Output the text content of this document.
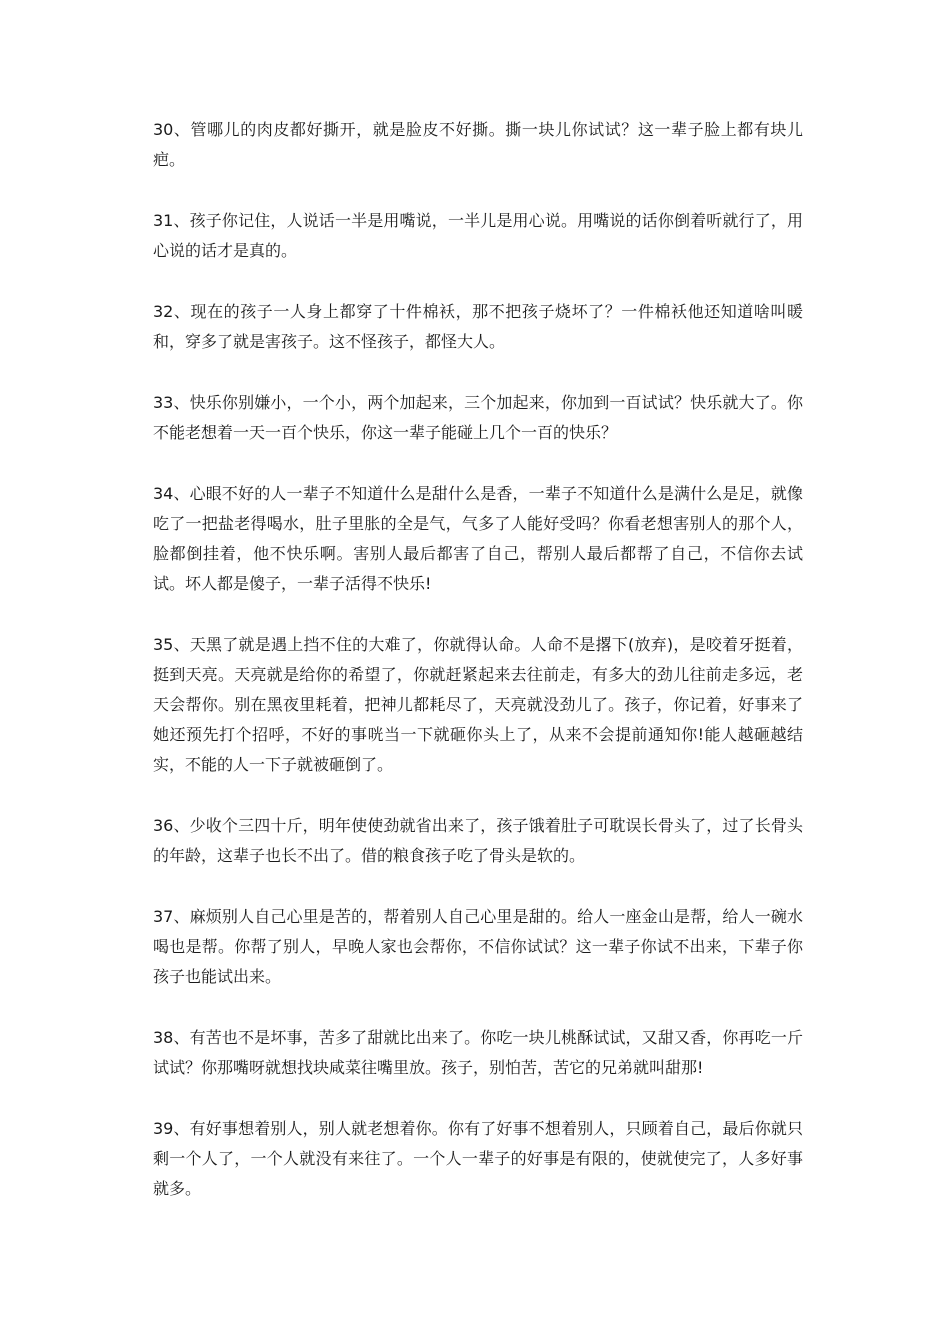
30、管哪儿的肉皮都好撕开，就是脸皮不好撕。撕一块儿你试试？这一辈子脸上都有块儿疤。

31、孩子你记住，人说话一半是用嘴说，一半儿是用心说。用嘴说的话你倒着听就行了，用心说的话才是真的。

32、现在的孩子一人身上都穿了十件棉袄，那不把孩子烧坏了？一件棉袄他还知道啥叫暖和，穿多了就是害孩子。这不怪孩子，都怪大人。

33、快乐你别嫌小，一个小，两个加起来，三个加起来，你加到一百试试？快乐就大了。你不能老想着一天一百个快乐，你这一辈子能碰上几个一百的快乐？

34、心眼不好的人一辈子不知道什么是甜什么是香，一辈子不知道什么是满什么是足，就像吃了一把盐老得喝水，肚子里胀的全是气，气多了人能好受吗？你看老想害别人的那个人，脸都倒挂着，他不快乐啊。害别人最后都害了自己，帮别人最后都帮了自己，不信你去试试。坏人都是傻子，一辈子活得不快乐!

35、天黑了就是遇上挡不住的大难了，你就得认命。人命不是撂下(放弃)，是咬着牙挺着，挺到天亮。天亮就是给你的希望了，你就赶紧起来去往前走，有多大的劲儿往前走多远，老天会帮你。别在黑夜里耗着，把神儿都耗尽了，天亮就没劲儿了。孩子，你记着，好事来了她还预先打个招呼，不好的事咣当一下就砸你头上了，从来不会提前通知你!能人越砸越结实，不能的人一下子就被砸倒了。

36、少收个三四十斤，明年使使劲就省出来了，孩子饿着肚子可耽误长骨头了，过了长骨头的年龄，这辈子也长不出了。借的粮食孩子吃了骨头是软的。

37、麻烦别人自己心里是苦的，帮着别人自己心里是甜的。给人一座金山是帮，给人一碗水喝也是帮。你帮了别人，早晚人家也会帮你，不信你试试？这一辈子你试不出来，下辈子你孩子也能试出来。

38、有苦也不是坏事，苦多了甜就比出来了。你吃一块儿桃酥试试，又甜又香，你再吃一斤试试？你那嘴呀就想找块咸菜往嘴里放。孩子，别怕苦，苦它的兄弟就叫甜那!

39、有好事想着别人，别人就老想着你。你有了好事不想着别人，只顾着自己，最后你就只剩一个人了，一个人就没有来往了。一个人一辈子的好事是有限的，使就使完了，人多好事就多。
